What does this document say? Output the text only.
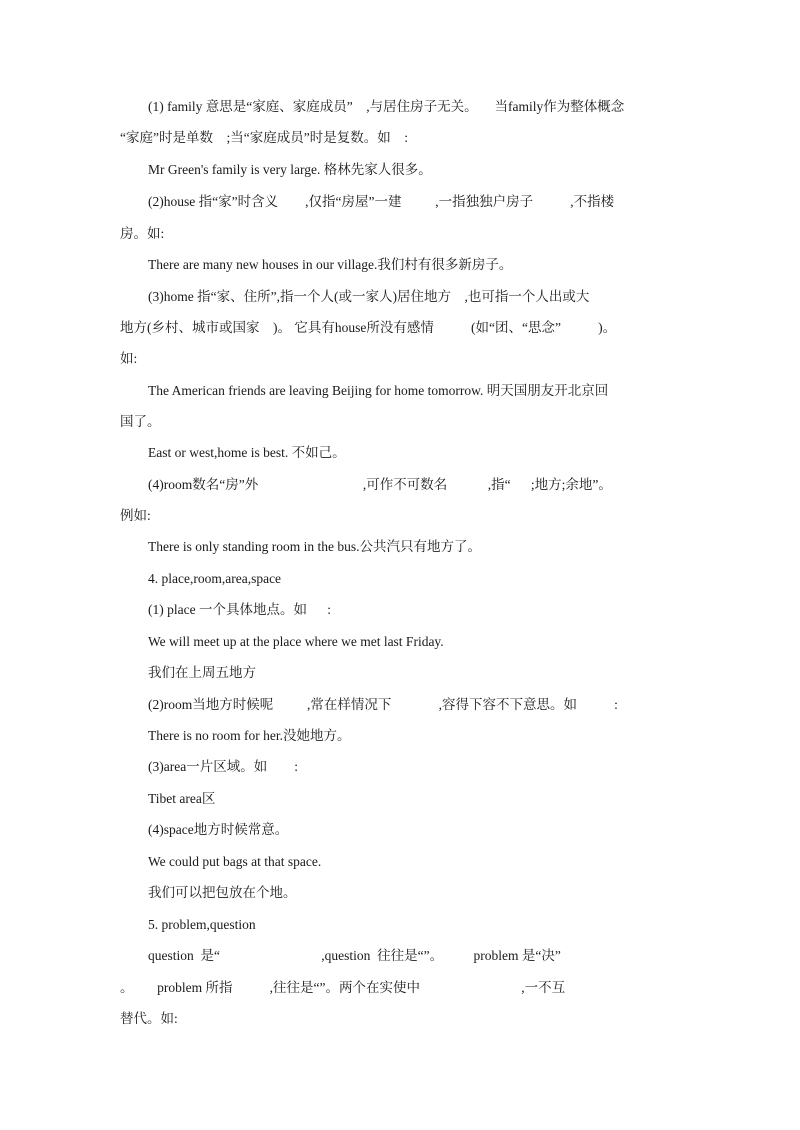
(1) family 意思是“家庭、家庭成员”    ,与居住房子无关。     当family作为整体概念

“家庭”时是单数    ;当“家庭成员”时是复数。如    :

Mr Green's family is very large. 格林先家人很多。

(2)house 指“家”时含义        ,仅指“房屋”一建          ,一指独独户房子           ,不指楼

房。如:

There are many new houses in our village.我们村有很多新房子。

(3)home 指“家、住所”,指一个人(或一家人)居住地方    ,也可指一个人出或大

地方(乡村、城市或国家    )。 它具有house所没有感情           (如“团、“思念”           )。

如:

The American friends are leaving Beijing for home tomorrow. 明天国朋友开北京回

国了。

East or west,home is best. 不如己。

(4)room数名“房”外                               ,可作不可数名            ,指“      ;地方;余地”。

例如:

There is only standing room in the bus.公共汽只有地方了。

4. place,room,area,space

(1) place 一个具体地点。如      :

We will meet up at the place where we met last Friday.

我们在上周五地方

(2)room当地方时候呢          ,常在样情况下              ,容得下容不下意思。如           :

There is no room for her.没她地方。

(3)area一片区域。如        :

Tibet area区

(4)space地方时候常意。

We could put bags at that space.

我们可以把包放在个地。

5. problem,question

question  是“                              ,question  往往是“”。         problem 是“决”

。       problem 所指           ,往往是“”。两个在实使中                              ,一不互

替代。如:
